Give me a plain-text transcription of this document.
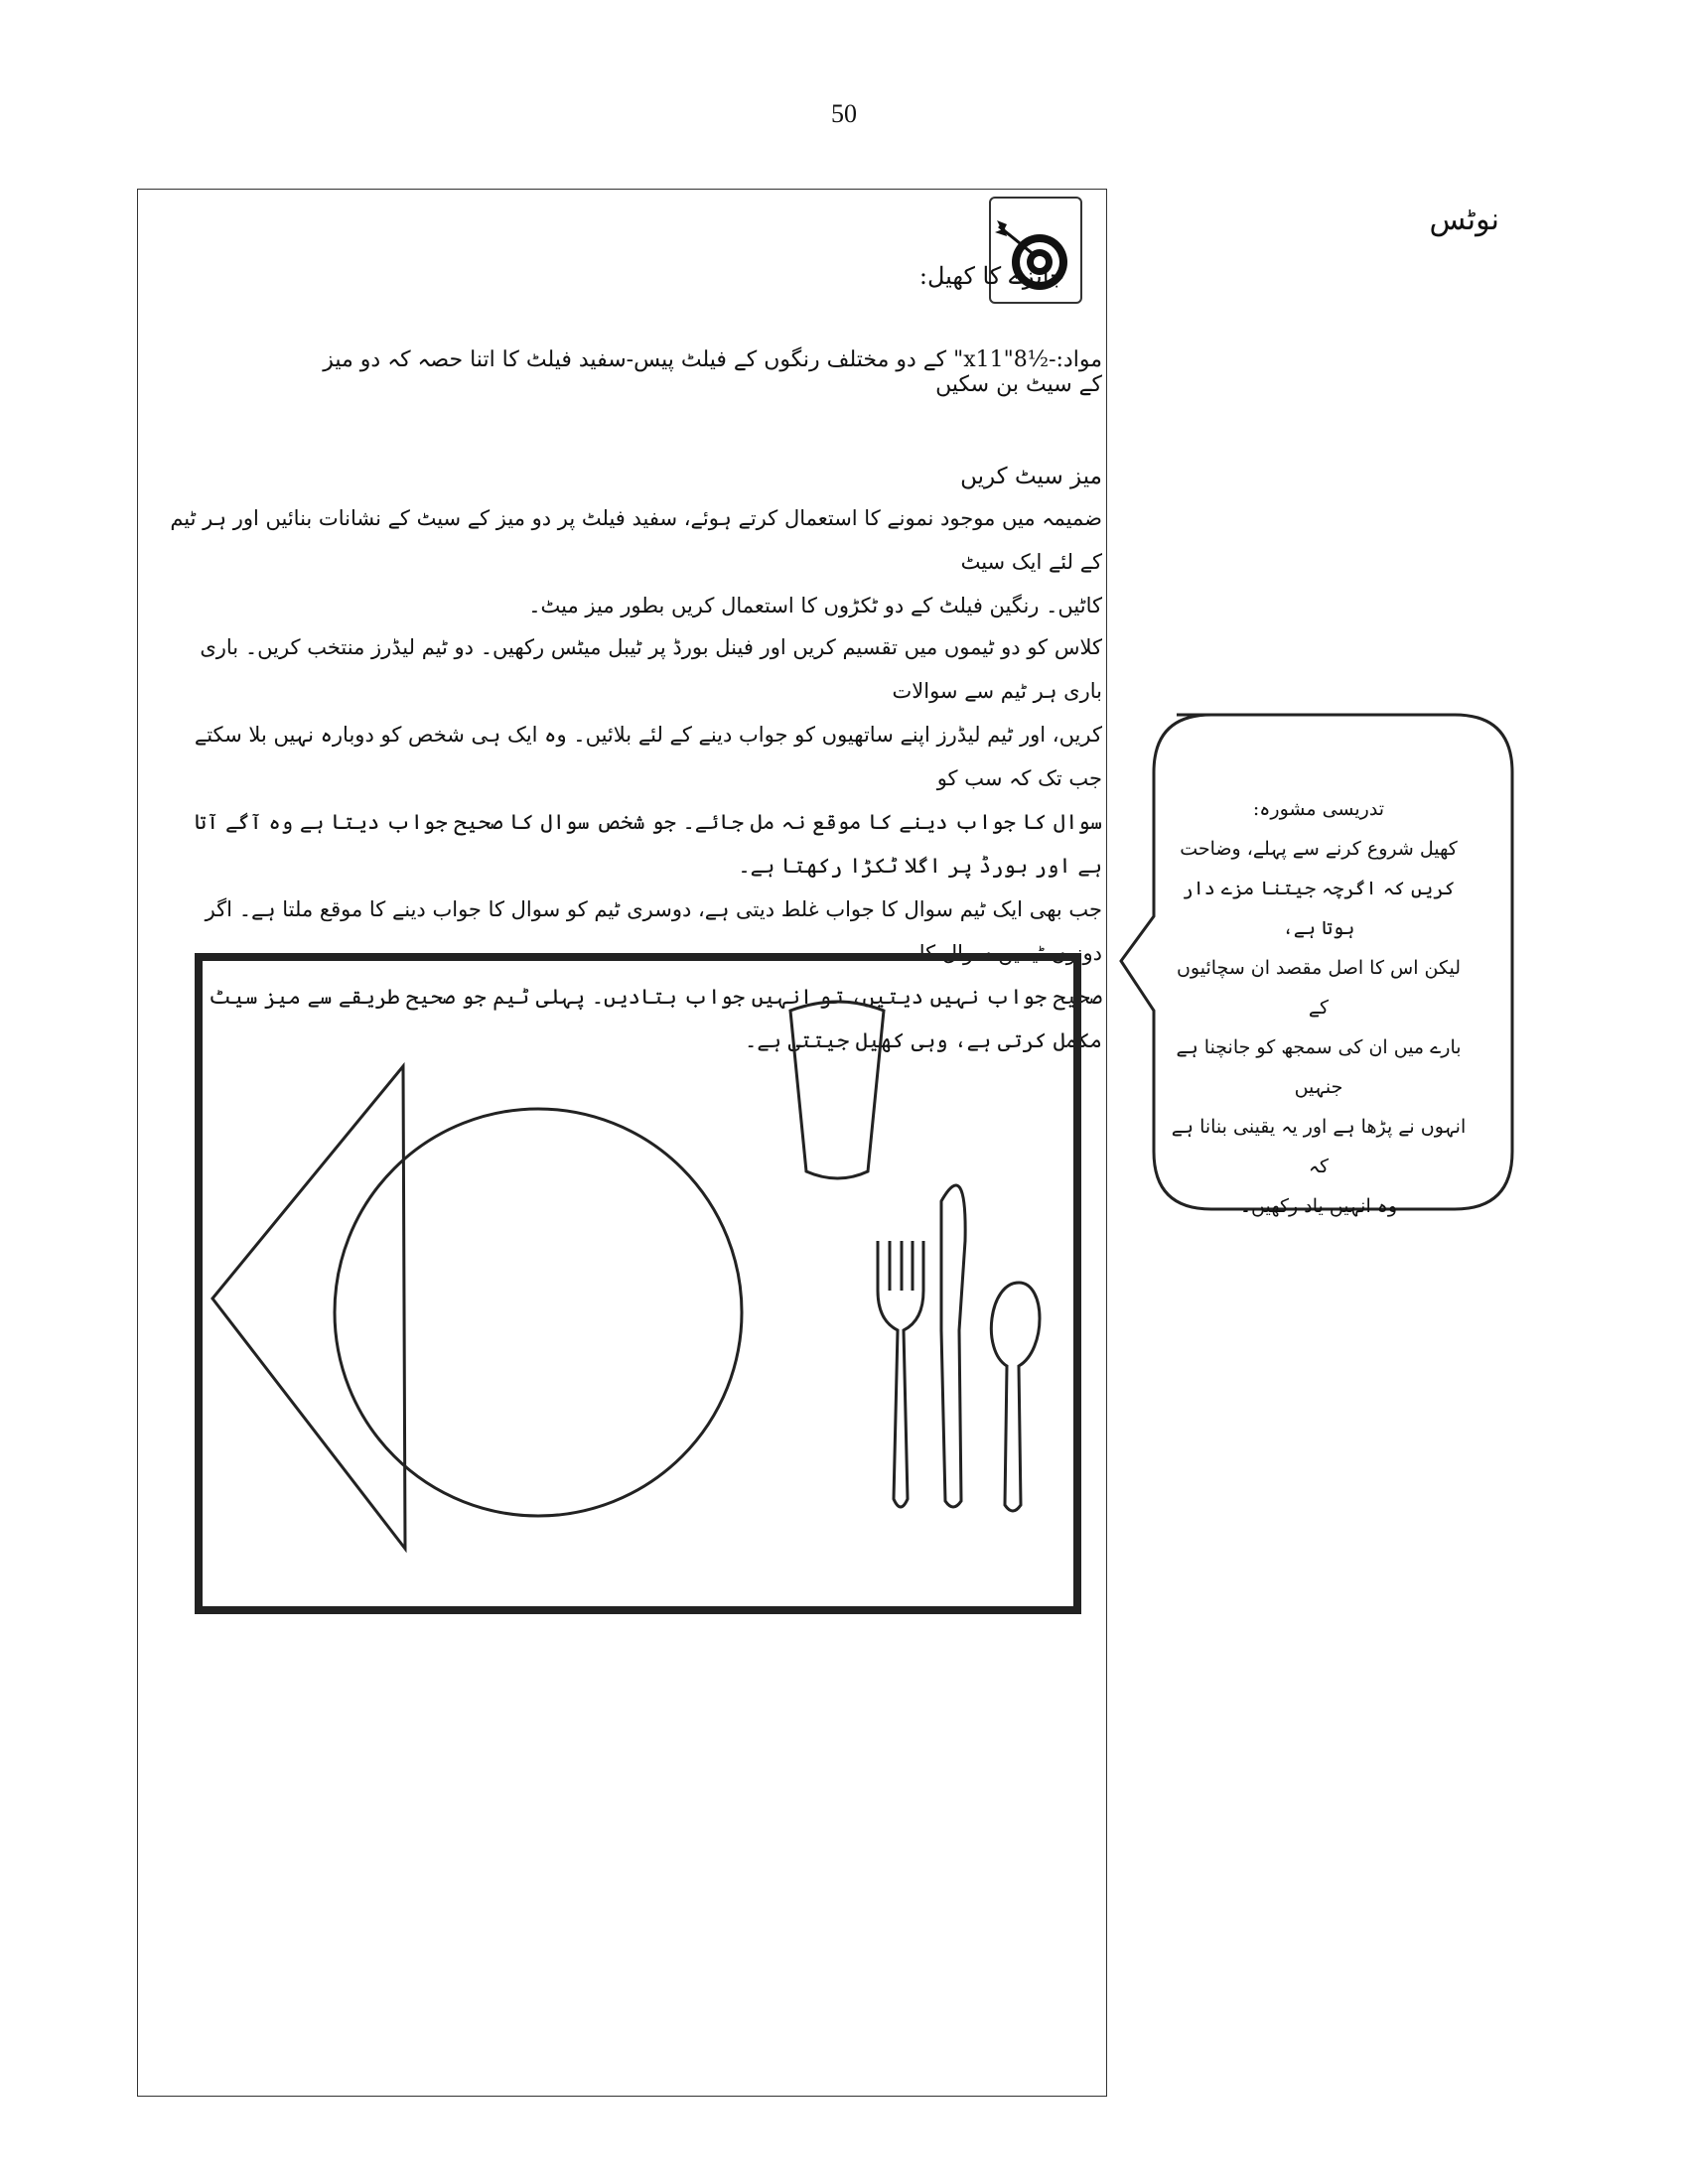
50
نوٹس
جائزے کا کھیل:
مواد:-½8"x11" کے دو مختلف رنگوں کے فیلٹ پیس-سفید فیلٹ کا اتنا حصہ کہ دو میز کے سیٹ بن سکیں
میز سیٹ کریں

ضمیمہ میں موجود نمونے کا استعمال کرتے ہوئے، سفید فیلٹ پر دو میز کے سیٹ کے نشانات بنائیں اور ہر ٹیم کے لئے ایک سیٹ

کاٹیں۔ رنگین فیلٹ کے دو ٹکڑوں کا استعمال کریں بطور میز میٹ۔

کلاس کو دو ٹیموں میں تقسیم کریں اور فینل بورڈ پر ٹیبل میٹس رکھیں۔ دو ٹیم لیڈرز منتخب کریں۔ باری باری ہر ٹیم سے سوالات

کریں، اور ٹیم لیڈرز اپنے ساتھیوں کو جواب دینے کے لئے بلائیں۔ وہ ایک ہی شخص کو دوبارہ نہیں بلا سکتے جب تک کہ سب کو

سوال کا جواب دینے کا موقع نہ مل جائے۔ جو شخص سوال کا صحیح جواب دیتا ہے وہ آگے آتا ہے اور بورڈ پر اگلا ٹکڑا رکھتا ہے۔

جب بھی ایک ٹیم سوال کا جواب غلط دیتی ہے، دوسری ٹیم کو سوال کا جواب دینے کا موقع ملتا ہے۔ اگر دونوں ٹیمیں سوال کا

صحیح جواب نہیں دیتیں، تو انہیں جواب بتادیں۔ پہلی ٹیم جو صحیح طریقے سے میز سیٹ مکمل کرتی ہے، وہی کھیل جیتتی ہے۔

تدریسی مشورہ:

کھیل شروع کرنے سے پہلے، وضاحت

کریں کہ اگرچہ جیتنا مزے دار ہوتا ہے،

لیکن اس کا اصل مقصد ان سچائیوں کے

بارے میں ان کی سمجھ کو جانچنا ہے جنہیں

انہوں نے پڑھا ہے اور یہ یقینی بنانا ہے کہ

وہ انہیں یاد رکھیں۔
